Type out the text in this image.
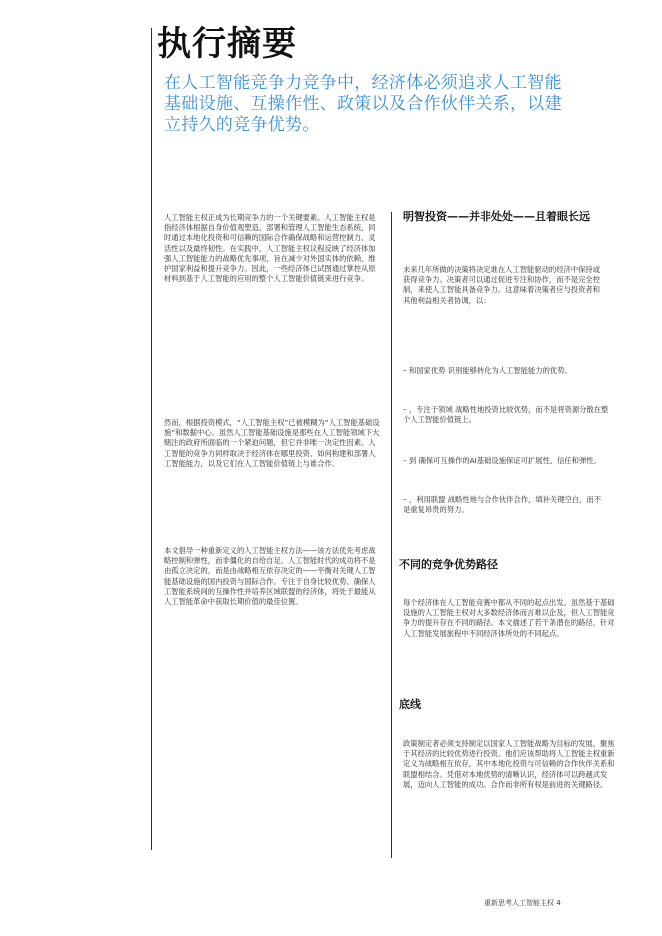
执行摘要
在人工智能竞争力竞争中，经济体必须追求人工智能基础设施、互操作性、政策以及合作伙伴关系，以建立持久的竞争优势。
人工智能主权正成为长期竞争力的一个关键要素。人工智能主权是指经济体根据自身价值观塑造、部署和管理人工智能生态系统，同时通过本地化投资和可信赖的国际合作确保战略和运营控制力、灵活性以及最终韧性。在实践中，人工智能主权议程反映了经济体加强人工智能能力的战略优先事项，旨在减少对外国实体的依赖、维护国家利益和提升竞争力。因此，一些经济体已试图通过掌控从原材料到基于人工智能的应用的整个人工智能价值链来进行竞争。
然而，根据投资模式，“人工智能主权”已被模糊为“人工智能基础设施”和数据中心。虽然人工智能基础设施是那些在人工智能领域下大赌注的政府所面临的一个紧迫问题，但它并非唯一决定性因素。人工智能的竞争力同样取决于经济体在哪里投资、如何构建和部署人工智能能力，以及它们在人工智能价值链上与谁合作。
本文倡导一种重新定义的人工智能主权方法——该方法优先考虑战略控制和弹性，而非僵化的自给自足。人工智能时代的成功将不是由孤立决定的，而是由战略相互依存决定的——平衡对关键人工智能基础设施的国内投资与国际合作。专注于自身比较优势、确保人工智能系统间的互操作性并培养区域联盟的经济体，将处于最能从人工智能革命中获取长期价值的最佳位置。
明智投资——并非处处——且着眼长远
未来几年所做的决策将决定谁在人工智能驱动的经济中保持或获得竞争力。决策者可以通过促进专注和协作，而不是完全控制，来使人工智能具备竞争力。这意味着决策者应与投资者和其他利益相关者协调，以：
– 和国家优势 识别能够转化为人工智能能力的优势。
– ，专注于领域 战略性地投资比较优势，而不是将资源分散在整个人工智能价值链上。
– 到 确保可互操作的AI基础设施保证可扩展性、信任和弹性。
– ，利用联盟 战略性地与合作伙伴合作，填补关键空白，而不是重复昂贵的努力。
不同的竞争优势路径
每个经济体在人工智能竞赛中都从不同的起点出发。虽然基于基础设施的人工智能主权对大多数经济体而言难以企及，但人工智能竞争力的提升存在不同的路径。本文描述了若干条潜在的路径，针对人工智能发展旅程中不同经济体所处的不同起点。
底线
政策制定者必须支持制定以国家人工智能战略为目标的发展，聚焦于其经济的比较优势进行投资。他们应该帮助将人工智能主权重新定义为战略相互依存，其中本地化投资与可信赖的合作伙伴关系和联盟相结合。凭借对本地优势的清晰认识，经济体可以跨越式发展，迈向人工智能的成功。合作而非所有权是前进的关键路径。
重新思考人工智能主权 4
